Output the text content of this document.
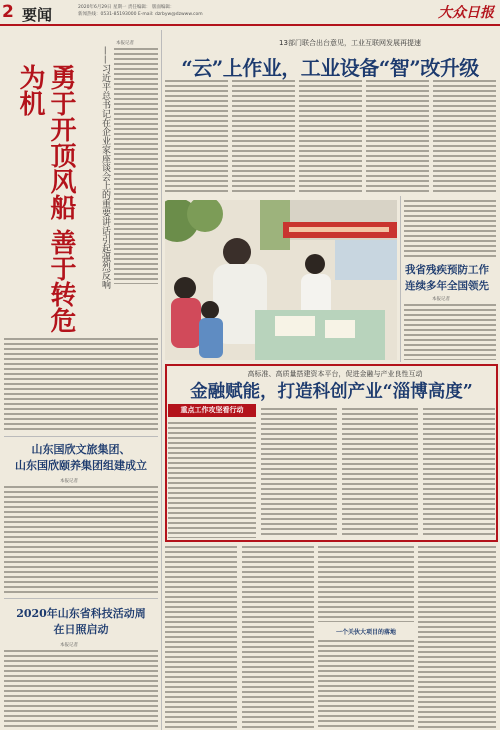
2 要闻	2020年6月29日 星期一 责任编辑： 版面编辑：
新闻热线：0531-85193000 E-mail: dzrbyw@dzwww.com	大众日报
勇于开顶风船 善于转危为机	——习近平总书记在企业家座谈会上的重要讲话引起强烈反响
本报记者
山东国欣文旅集团、
山东国欣颐养集团组建成立
本报记者
2020年山东省科技活动周
在日照启动
本报记者
13部门联合出台意见，工业互联网发展再提速
“云”上作业，工业设备“智”改升级
我省残疾预防工作
连续多年全国领先
本报记者
高标准、高质量搭建资本平台，促进金融与产业良性互动
金融赋能，打造科创产业“淄博高度”
重点工作攻坚看行动
一个关伙大项目的落地
